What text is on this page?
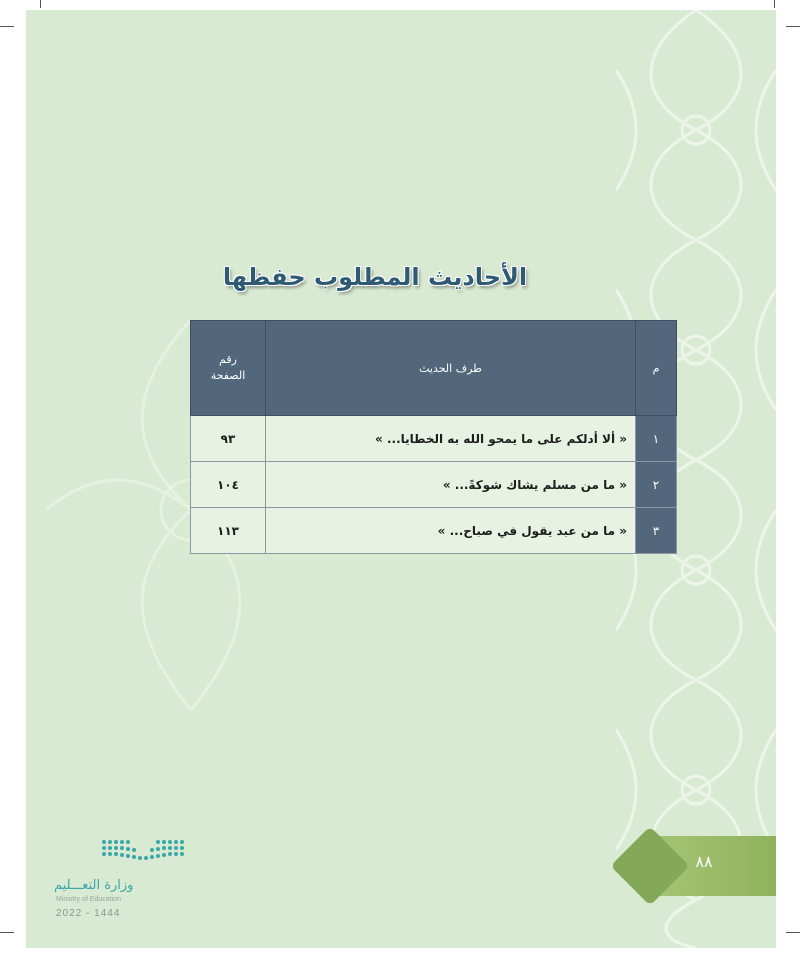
الأحاديث المطلوب حفظها
م	طرف الحديث	رقم الصفحة
١	« ألا أدلكم على ما يمحو الله به الخطايا... »	٩٣
٢	« ما من مسلم يشاك شوكةً... »	١٠٤
٣	« ما من عبد يقول في صباح... »	١١٣
٨٨
وزارة التعـــليم
Ministry of Education
2022 - 1444
